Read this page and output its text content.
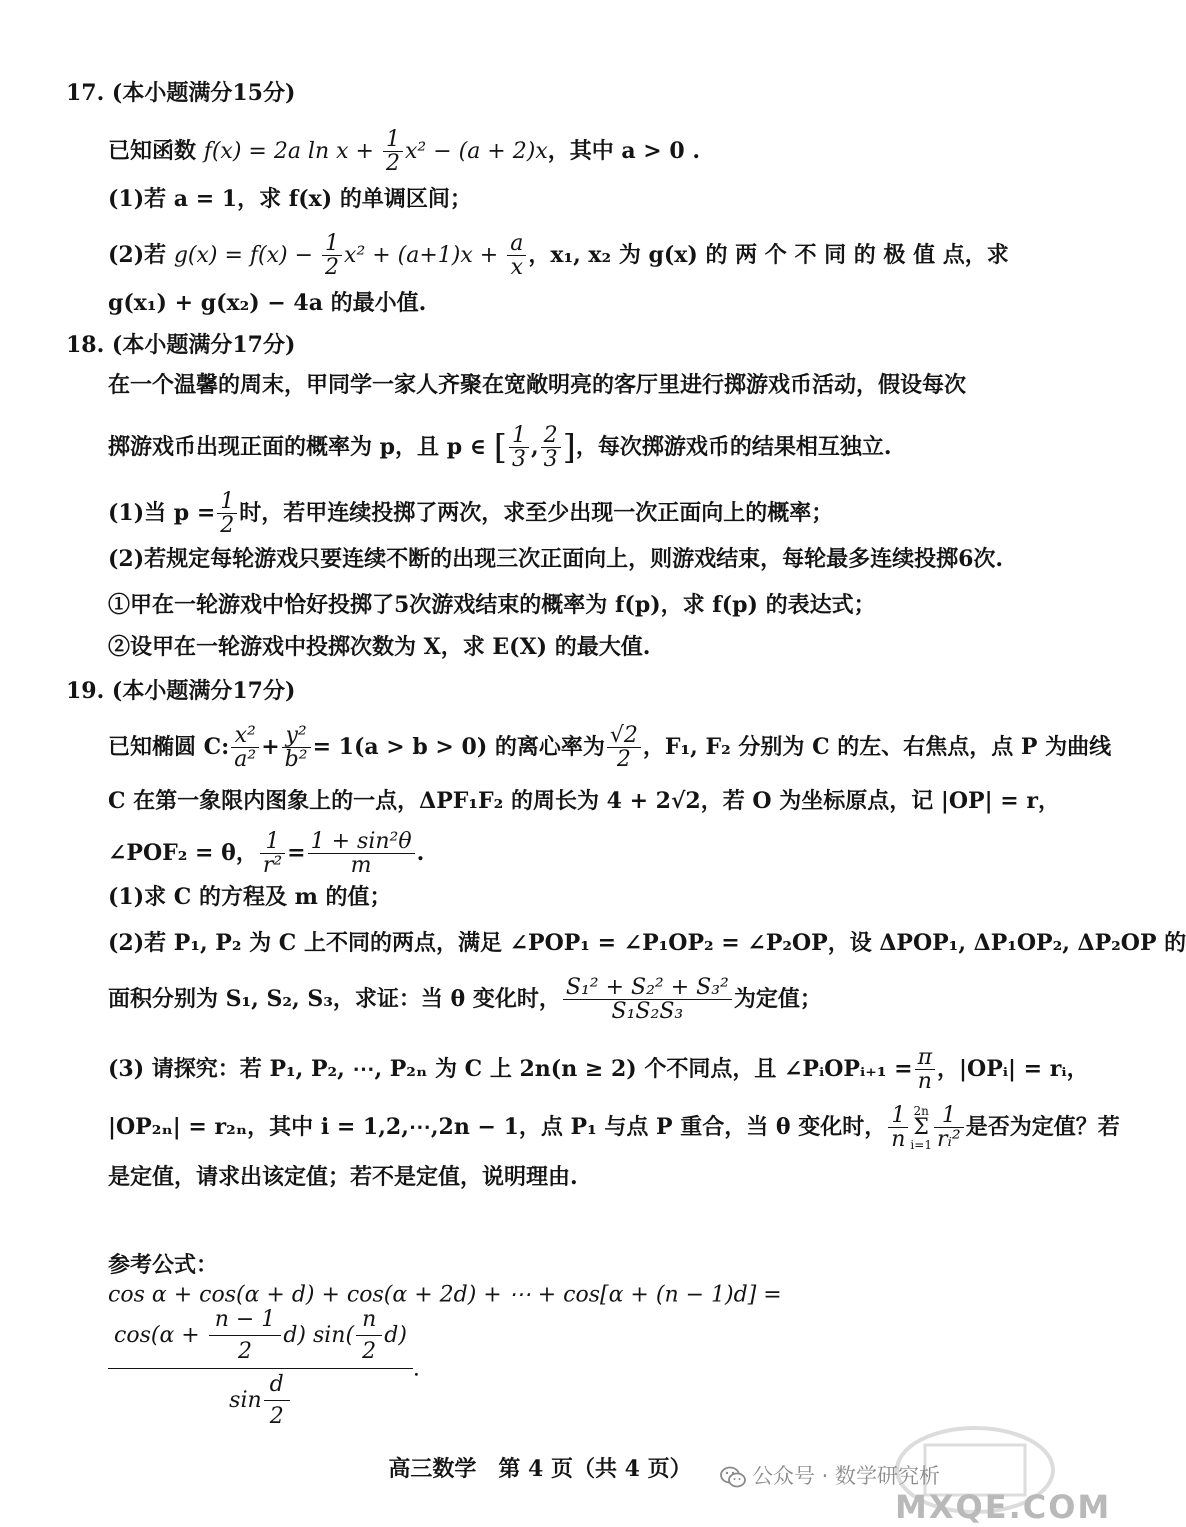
17. (本小题满分15分)
已知函数 f(x) = 2a $\ln x + \frac{1}{2} x^2 - (a + 2)x$，其中 a > 0 .
(1)若 a = 1，求 f(x) 的单调区间；
(2)若 $g(x) = f(x) - \frac{1}{2} x^2 + (a+1)x + \frac{a}{x}$ ，x₁, x₂ 为 g(x) 的 两 个 不 同 的 极 值 点，求
g(x₁) + g(x₂) − 4a 的最小值.
18. (本小题满分17分)
在一个温馨的周末，甲同学一家人齐聚在宽敞明亮的客厅里进行掷游戏币活动，假设每次
掷游戏币出现正面的概率为 p，且 p ∈ [ $\frac{1}{3}$ , $\frac{2}{3}$ ]，每次掷游戏币的结果相互独立.
(1)当 $p = \frac{1}{2}$ 时，若甲连续投掷了两次，求至少出现一次正面向上的概率；
(2)若规定每轮游戏只要连续不断的出现三次正面向上，则游戏结束，每轮最多连续投掷6次.
①甲在一轮游戏中恰好投掷了5次游戏结束的概率为 f(p)，求 f(p) 的表达式；
②设甲在一轮游戏中投掷次数为 X，求 E(X) 的最大值.
19. (本小题满分17分)
已知椭圆 C: $\frac{\text{x²}}{\text{a²}} + \frac{\text{y²}}{\text{b²}} = 1(a > b > 0)$ 的离心率为 $\frac{√2}{2}$ ，F₁, F₂ 分别为 C 的左、右焦点，点 P 为曲线
C 在第一象限内图象上的一点，ΔPF₁F₂ 的周长为 4 + 2√2，若 O 为坐标原点，记 |OP| = r，
∠POF₂ = θ， $\frac{1}{\text{r²}} = \frac{\text{1 + sin²θ}}{m}$ .
(1)求 C 的方程及 m 的值；
(2)若 P₁, P₂ 为 C 上不同的两点，满足 ∠POP₁ = ∠P₁OP₂ = ∠P₂OP，设 ΔPOP₁, ΔP₁OP₂, ΔP₂OP 的
面积分别为 S₁, S₂, S₃，求证：当 θ 变化时， $\frac{\text{S₁² + S₂² + S₃²}}{\text{S₁S₂S₃}}$ 为定值；
(3) 请探究：若 P₁, P₂, ⋯, P₂ₙ 为 C 上 2n(n ≥ 2) 个不同点，且 ∠PᵢOPᵢ₊₁ = $\frac{\pi}{n}$ ，|OPᵢ| = rᵢ，
|OP₂ₙ| = r₂ₙ，其中 i = 1,2,⋯,2n − 1，点 P₁ 与点 P 重合，当 θ 变化时， $\frac{1}{n} 2n$
Σ
$i=1 \frac{1}{\text{rᵢ²}}$ 是否为定值？若
是定值，请求出该定值；若不是定值，说明理由.
参考公式：
cos α + cos(α + d) + cos(α + 2d) + ⋯ + cos[α + (n − 1)d] =
$\frac{\cos(\alpha + \frac{n - 1}{2} d) \sin( \frac{n}{2} d)}{\sin \frac{d}{2}}$ .
高三数学　第 4 页（共 4 页）	公众号 · 数学研究析
MXQE.COM
